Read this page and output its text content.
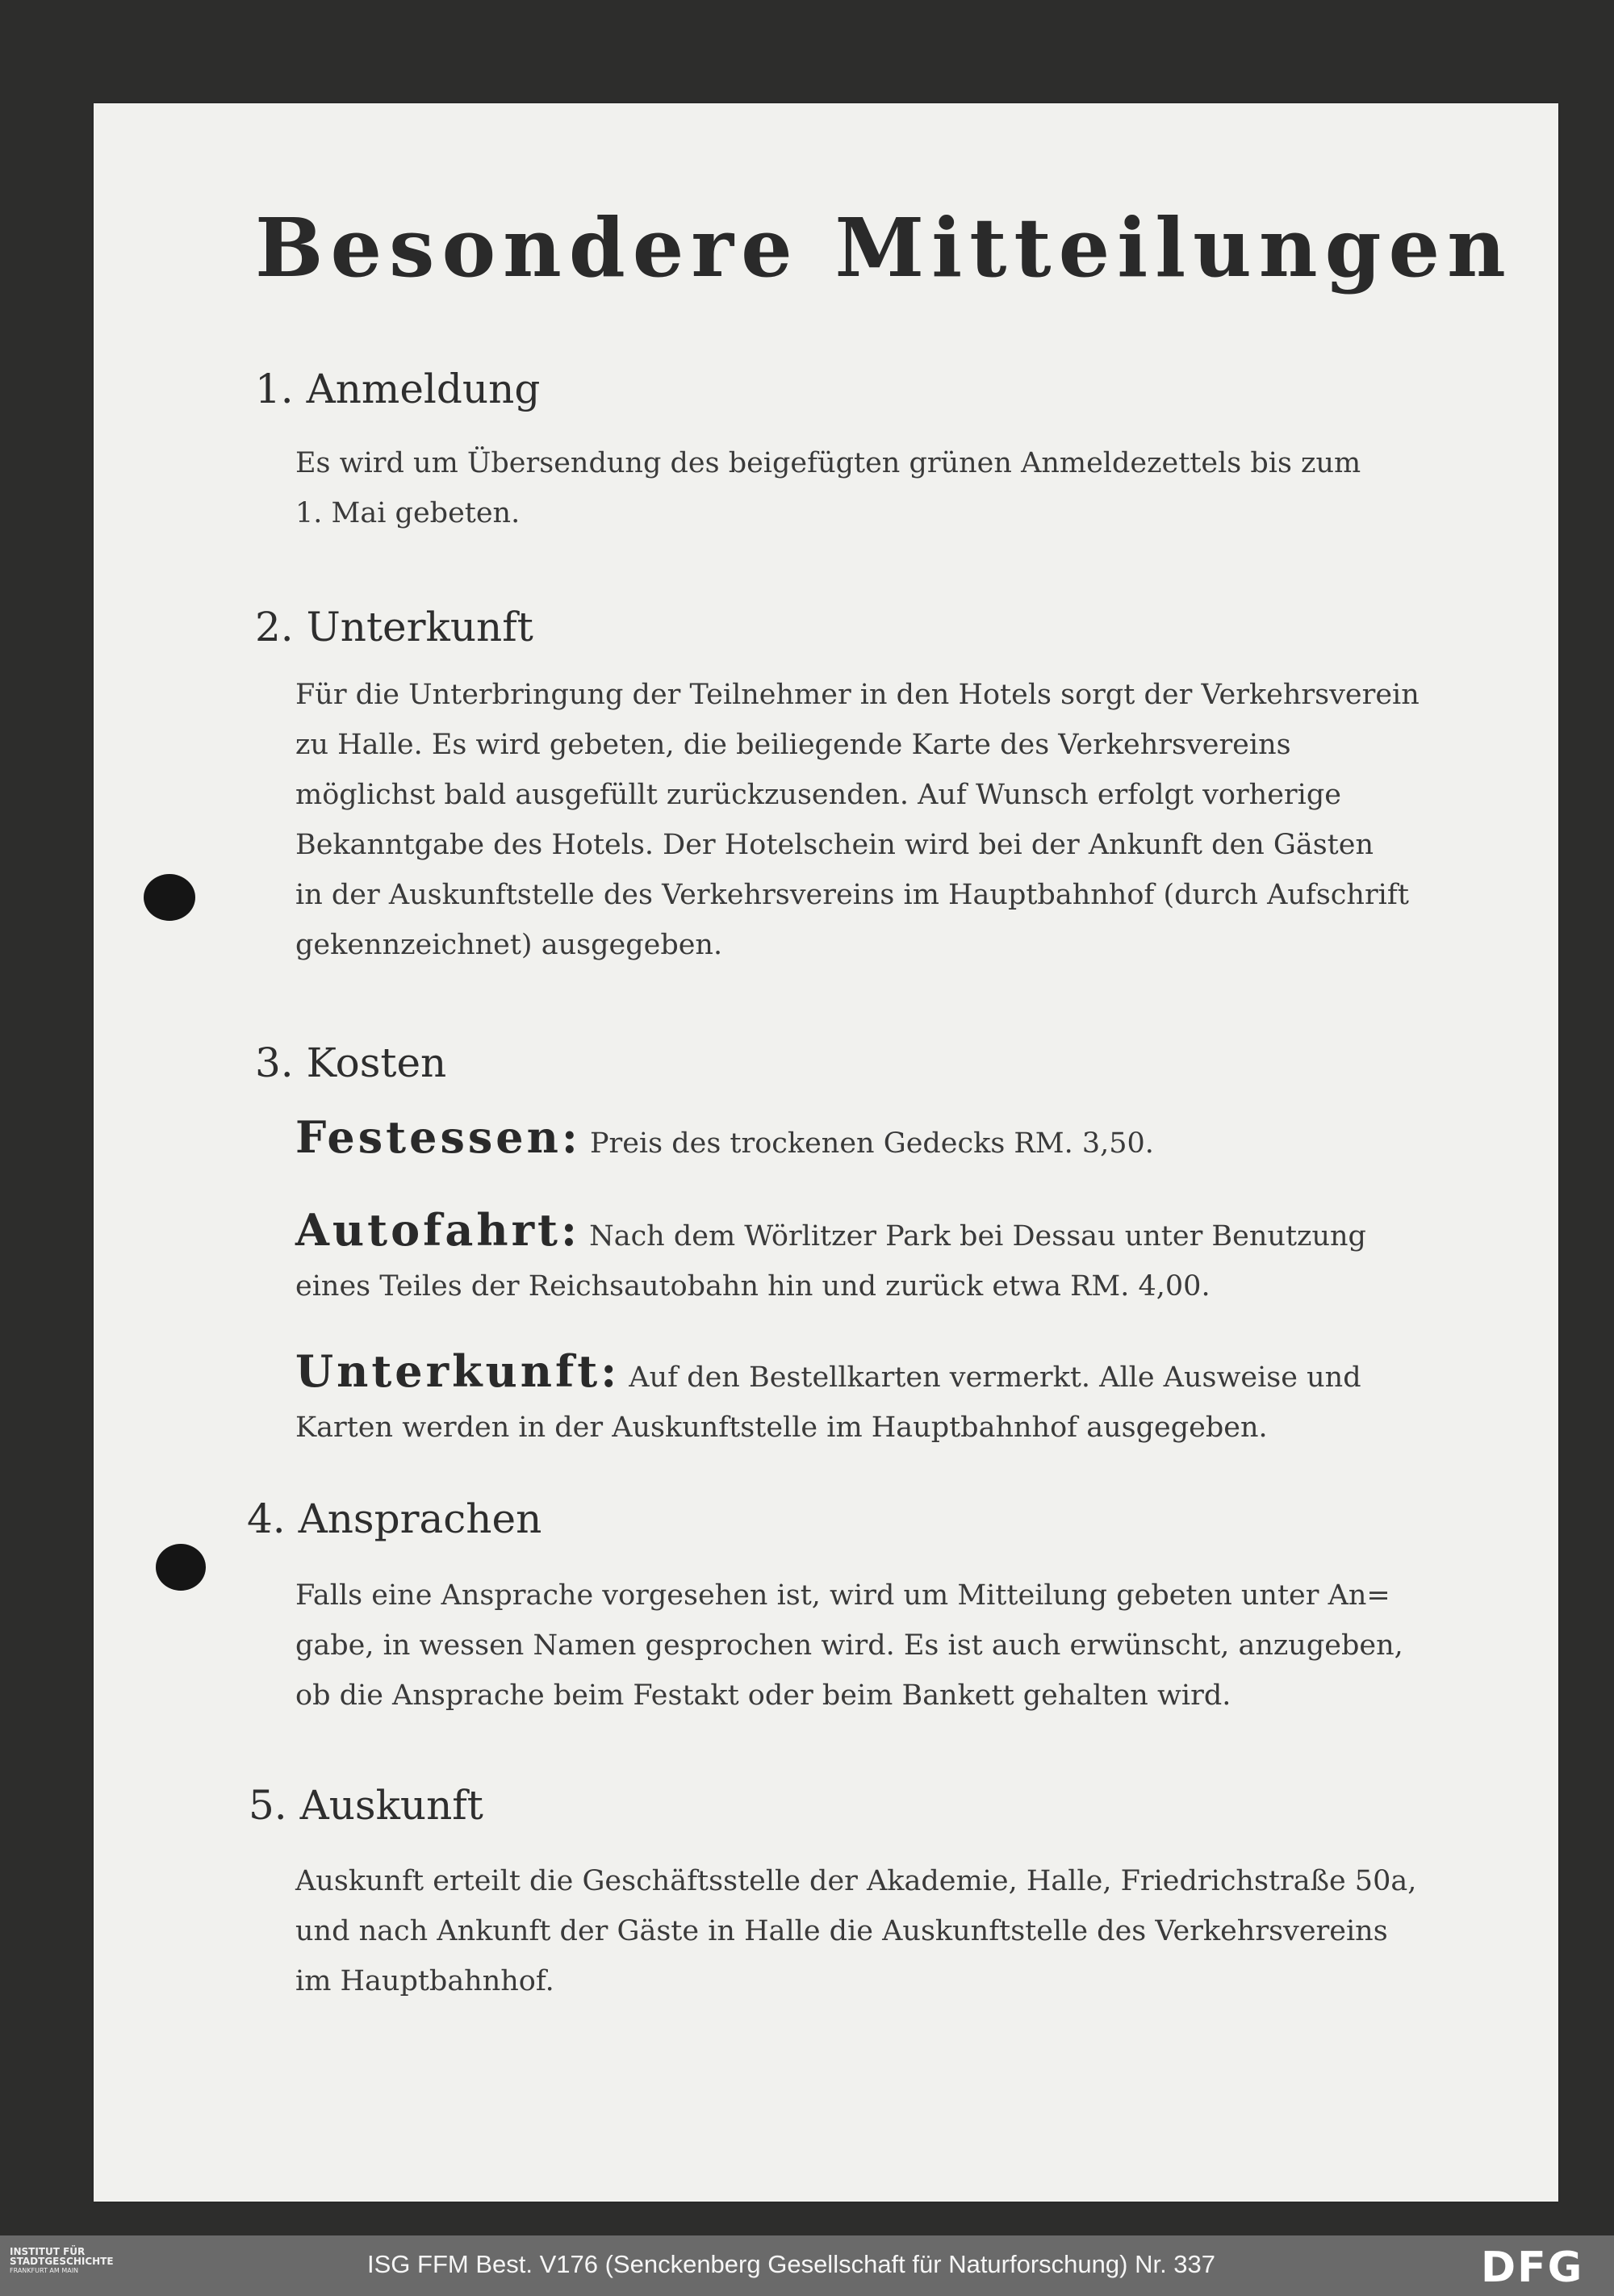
Besondere Mitteilungen
1. Anmeldung
Es wird um Übersendung des beigefügten grünen Anmeldezettels bis zum
1. Mai gebeten.
2. Unterkunft
Für die Unterbringung der Teilnehmer in den Hotels sorgt der Verkehrsverein
zu Halle. Es wird gebeten, die beiliegende Karte des Verkehrsvereins
möglichst bald ausgefüllt zurückzusenden. Auf Wunsch erfolgt vorherige
Bekanntgabe des Hotels. Der Hotelschein wird bei der Ankunft den Gästen
in der Auskunftstelle des Verkehrsvereins im Hauptbahnhof (durch Aufschrift
gekennzeichnet) ausgegeben.
3. Kosten
Festessen: Preis des trockenen Gedecks RM. 3,50.
Autofahrt: Nach dem Wörlitzer Park bei Dessau unter Benutzung
eines Teiles der Reichsautobahn hin und zurück etwa RM. 4,00.
Unterkunft: Auf den Bestellkarten vermerkt. Alle Ausweise und
Karten werden in der Auskunftstelle im Hauptbahnhof ausgegeben.
4. Ansprachen
Falls eine Ansprache vorgesehen ist, wird um Mitteilung gebeten unter An=
gabe, in wessen Namen gesprochen wird. Es ist auch erwünscht, anzugeben,
ob die Ansprache beim Festakt oder beim Bankett gehalten wird.
5. Auskunft
Auskunft erteilt die Geschäftsstelle der Akademie, Halle, Friedrichstraße 50a,
und nach Ankunft der Gäste in Halle die Auskunftstelle des Verkehrsvereins
im Hauptbahnhof.
INSTITUT FÜR
STADTGESCHICHTE
FRANKFURT AM MAIN	ISG FFM Best. V176 (Senckenberg Gesellschaft für Naturforschung) Nr. 337	DFG
